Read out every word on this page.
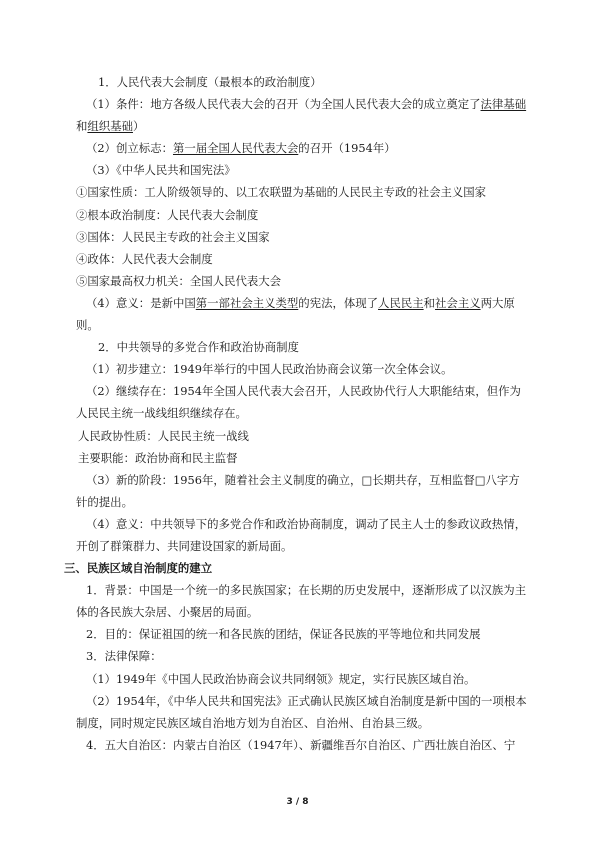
1．人民代表大会制度（最根本的政治制度）

（1）条件：地方各级人民代表大会的召开（为全国人民代表大会的成立奠定了法律基础

和组织基础）

（2）创立标志：第一届全国人民代表大会的召开（1954年）

（3）《中华人民共和国宪法》

①国家性质：工人阶级领导的、以工农联盟为基础的人民民主专政的社会主义国家

②根本政治制度：人民代表大会制度

③国体：人民民主专政的社会主义国家

④政体：人民代表大会制度

⑤国家最高权力机关：全国人民代表大会

（4）意义：是新中国第一部社会主义类型的宪法，体现了人民民主和社会主义两大原则。

2．中共领导的多党合作和政治协商制度

（1）初步建立：1949年举行的中国人民政治协商会议第一次全体会议。

（2）继续存在：1954年全国人民代表大会召开，人民政协代行人大职能结束，但作为人民民主统一战线组织继续存在。

人民政协性质：人民民主统一战线

主要职能：政治协商和民主监督

（3）新的阶段：1956年，随着社会主义制度的确立，□长期共存，互相监督□八字方针的提出。

（4）意义：中共领导下的多党合作和政治协商制度，调动了民主人士的参政议政热情，开创了群策群力、共同建设国家的新局面。

三、民族区域自治制度的建立

1．背景：中国是一个统一的多民族国家；在长期的历史发展中，逐渐形成了以汉族为主体的各民族大杂居、小聚居的局面。

2．目的：保证祖国的统一和各民族的团结，保证各民族的平等地位和共同发展

3．法律保障：

（1）1949年《中国人民政治协商会议共同纲领》规定，实行民族区域自治。

（2）1954年，《中华人民共和国宪法》正式确认民族区域自治制度是新中国的一项根本制度，同时规定民族区域自治地方划为自治区、自治州、自治县三级。

4．五大自治区：内蒙古自治区（1947年）、新疆维吾尔自治区、广西壮族自治区、宁

3 / 8
